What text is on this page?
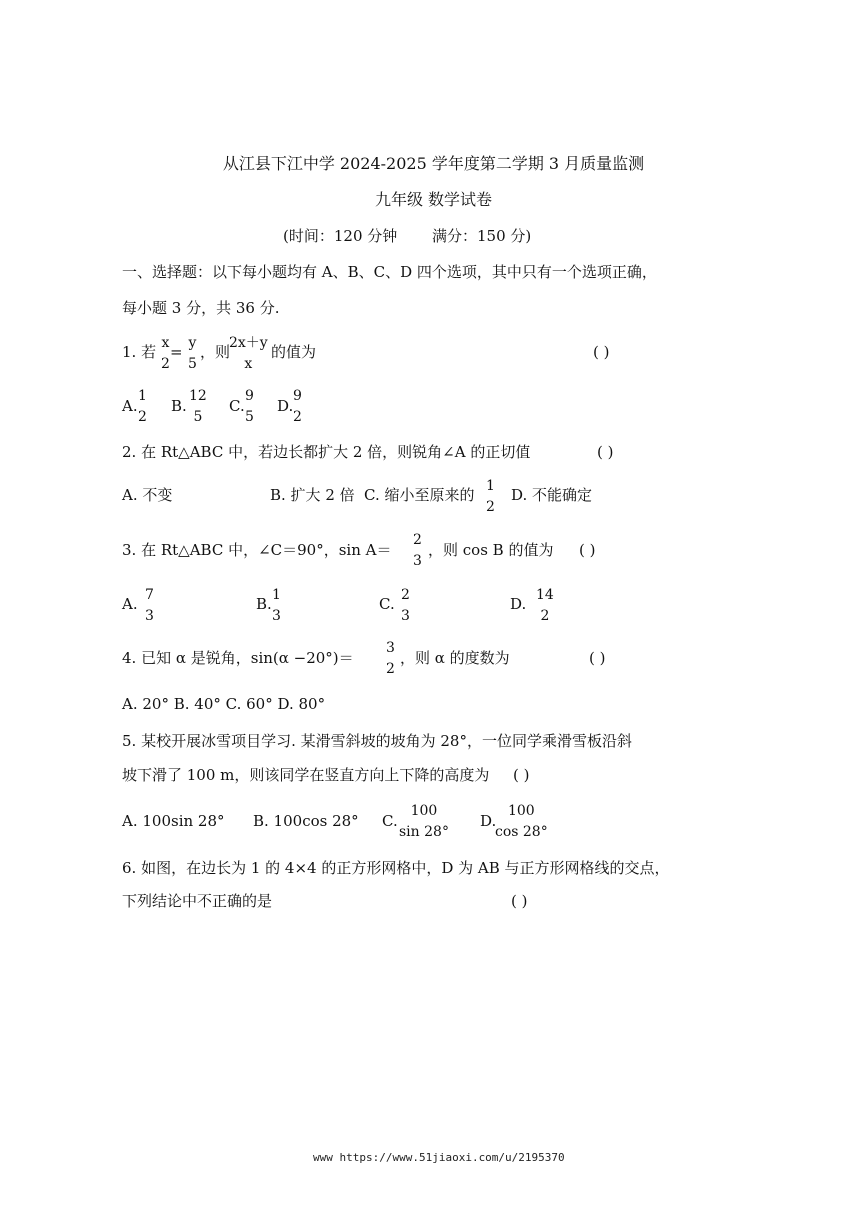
从江县下江中学 2024-2025 学年度第二学期 3 月质量监测
九年级 数学试卷
(时间：120 分钟 满分：150 分)
一、选择题：以下每小题均有 A、B、C、D 四个选项，其中只有一个选项正确，
每小题 3 分，共 36 分.
1. 若 x
2
= y
5
，则
2x＋y
x
的值为	( )
A.
1
2
B.
12
5
C.
9
5
D.
9
2
2. 在 Rt△ABC 中，若边长都扩大 2 倍，则锐角∠A 的正切值	( )
A. 不变	B. 扩大 2 倍 C. 缩小至原来的 1
2
D. 不能确定
3. 在 Rt△ABC 中，∠C＝90°，sin A＝
2
3
，则 cos B 的值为 ( )
A. 7
3
B. 1
3
C. 2
3
D. 14
2
4. 已知 α 是锐角，sin(α −20°)＝
3
2
，则 α 的度数为	( )
A. 20° B. 40° C. 60° D. 80°
5. 某校开展冰雪项目学习. 某滑雪斜坡的坡角为 28°，一位同学乘滑雪板沿斜
坡下滑了 100 m，则该同学在竖直方向上下降的高度为 ( )
A. 100sin 28° B. 100cos 28° C.
100
sin 28°
D.
100
cos 28°
6. 如图，在边长为 1 的 4×4 的正方形网格中，D 为 AB 与正方形网格线的交点，
下列结论中不正确的是	( )
www https://www.51jiaoxi.com/u/2195370
